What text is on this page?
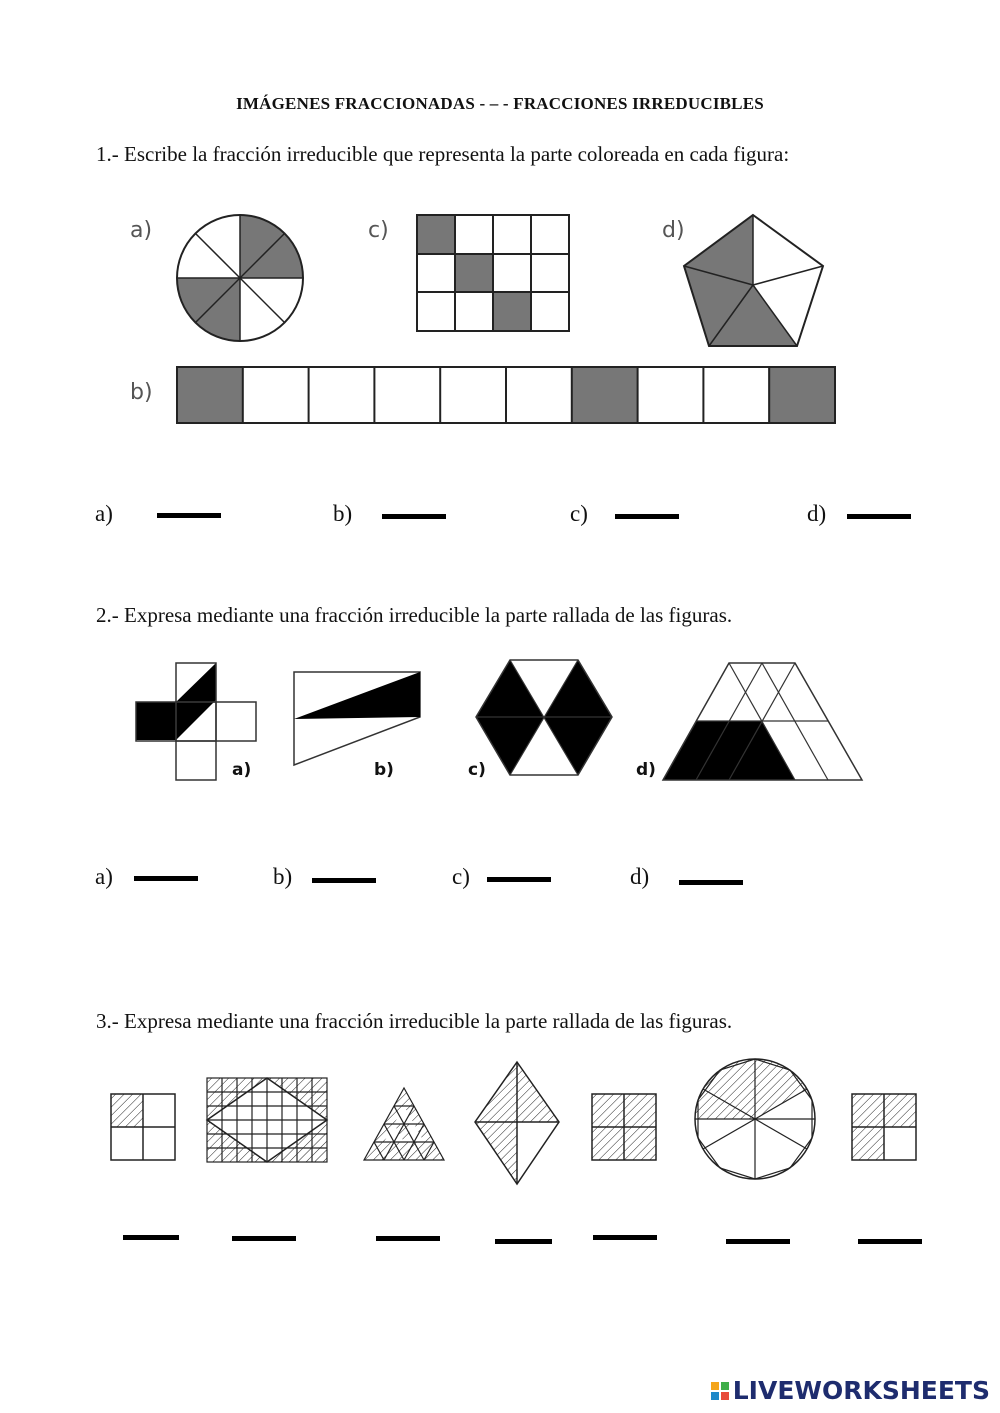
IMÁGENES FRACCIONADAS - – - FRACCIONES IRREDUCIBLES
1.- Escribe la fracción irreducible que representa la parte coloreada en cada figura:
a)	c)	d)
b)
a)	b)	c)	d)
2.- Expresa mediante una fracción irreducible la parte rallada de las figuras.
a)	b)	c)	d)
a)	b)	c)	d)
3.- Expresa mediante una fracción irreducible la parte rallada de las figuras.
LIVEWORKSHEETS
